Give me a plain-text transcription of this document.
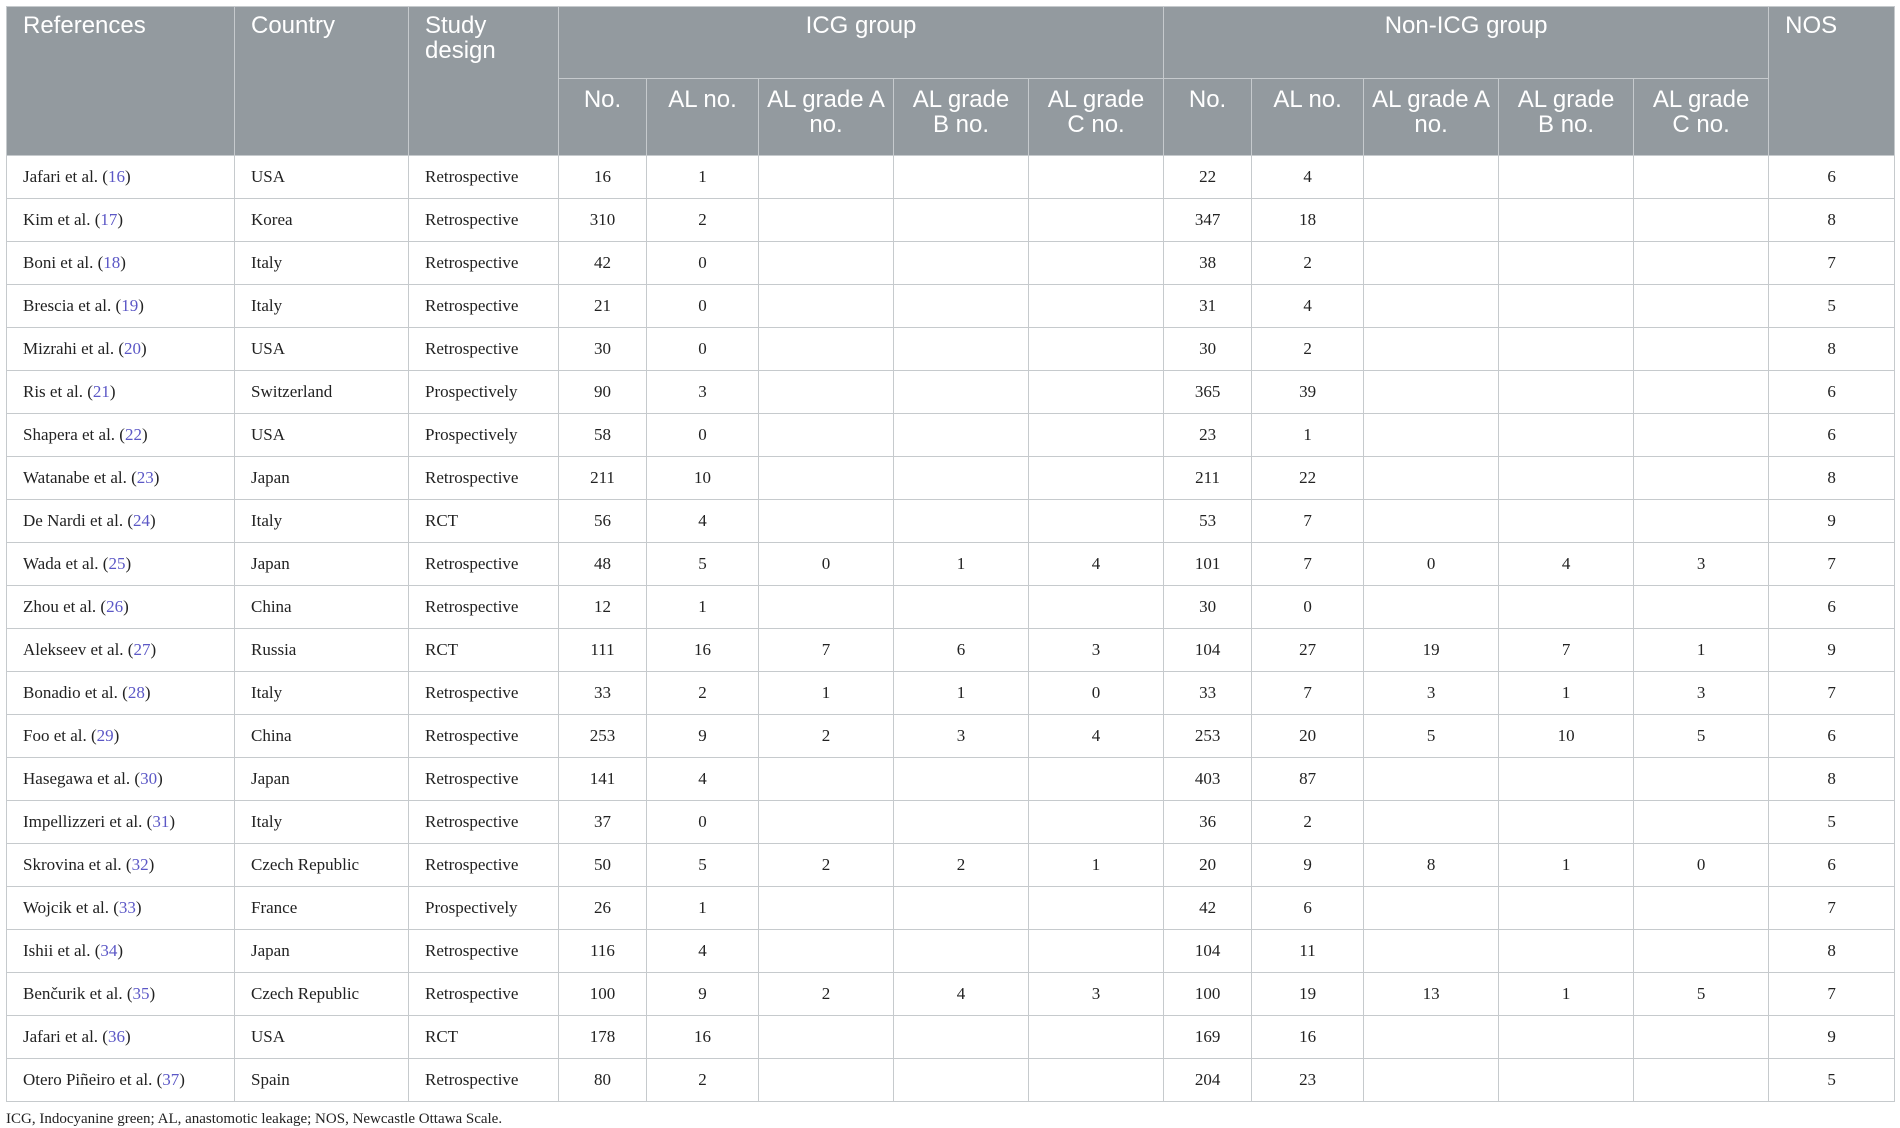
References	Country	Study design	ICG group					Non-ICG group					NOS
			No.	AL no.	AL grade A no.	AL grade B no.	AL grade C no.	No.	AL no.	AL grade A no.	AL grade B no.	AL grade C no.	
Jafari et al. (16)	USA	Retrospective	16	1				22	4				6
Kim et al. (17)	Korea	Retrospective	310	2				347	18				8
Boni et al. (18)	Italy	Retrospective	42	0				38	2				7
Brescia et al. (19)	Italy	Retrospective	21	0				31	4				5
Mizrahi et al. (20)	USA	Retrospective	30	0				30	2				8
Ris et al. (21)	Switzerland	Prospectively	90	3				365	39				6
Shapera et al. (22)	USA	Prospectively	58	0				23	1				6
Watanabe et al. (23)	Japan	Retrospective	211	10				211	22				8
De Nardi et al. (24)	Italy	RCT	56	4				53	7				9
Wada et al. (25)	Japan	Retrospective	48	5	0	1	4	101	7	0	4	3	7
Zhou et al. (26)	China	Retrospective	12	1				30	0				6
Alekseev et al. (27)	Russia	RCT	111	16	7	6	3	104	27	19	7	1	9
Bonadio et al. (28)	Italy	Retrospective	33	2	1	1	0	33	7	3	1	3	7
Foo et al. (29)	China	Retrospective	253	9	2	3	4	253	20	5	10	5	6
Hasegawa et al. (30)	Japan	Retrospective	141	4				403	87				8
Impellizzeri et al. (31)	Italy	Retrospective	37	0				36	2				5
Skrovina et al. (32)	Czech Republic	Retrospective	50	5	2	2	1	20	9	8	1	0	6
Wojcik et al. (33)	France	Prospectively	26	1				42	6				7
Ishii et al. (34)	Japan	Retrospective	116	4				104	11				8
Benčurik et al. (35)	Czech Republic	Retrospective	100	9	2	4	3	100	19	13	1	5	7
Jafari et al. (36)	USA	RCT	178	16				169	16				9
Otero Piñeiro et al. (37)	Spain	Retrospective	80	2				204	23				5
ICG, Indocyanine green; AL, anastomotic leakage; NOS, Newcastle Ottawa Scale.
